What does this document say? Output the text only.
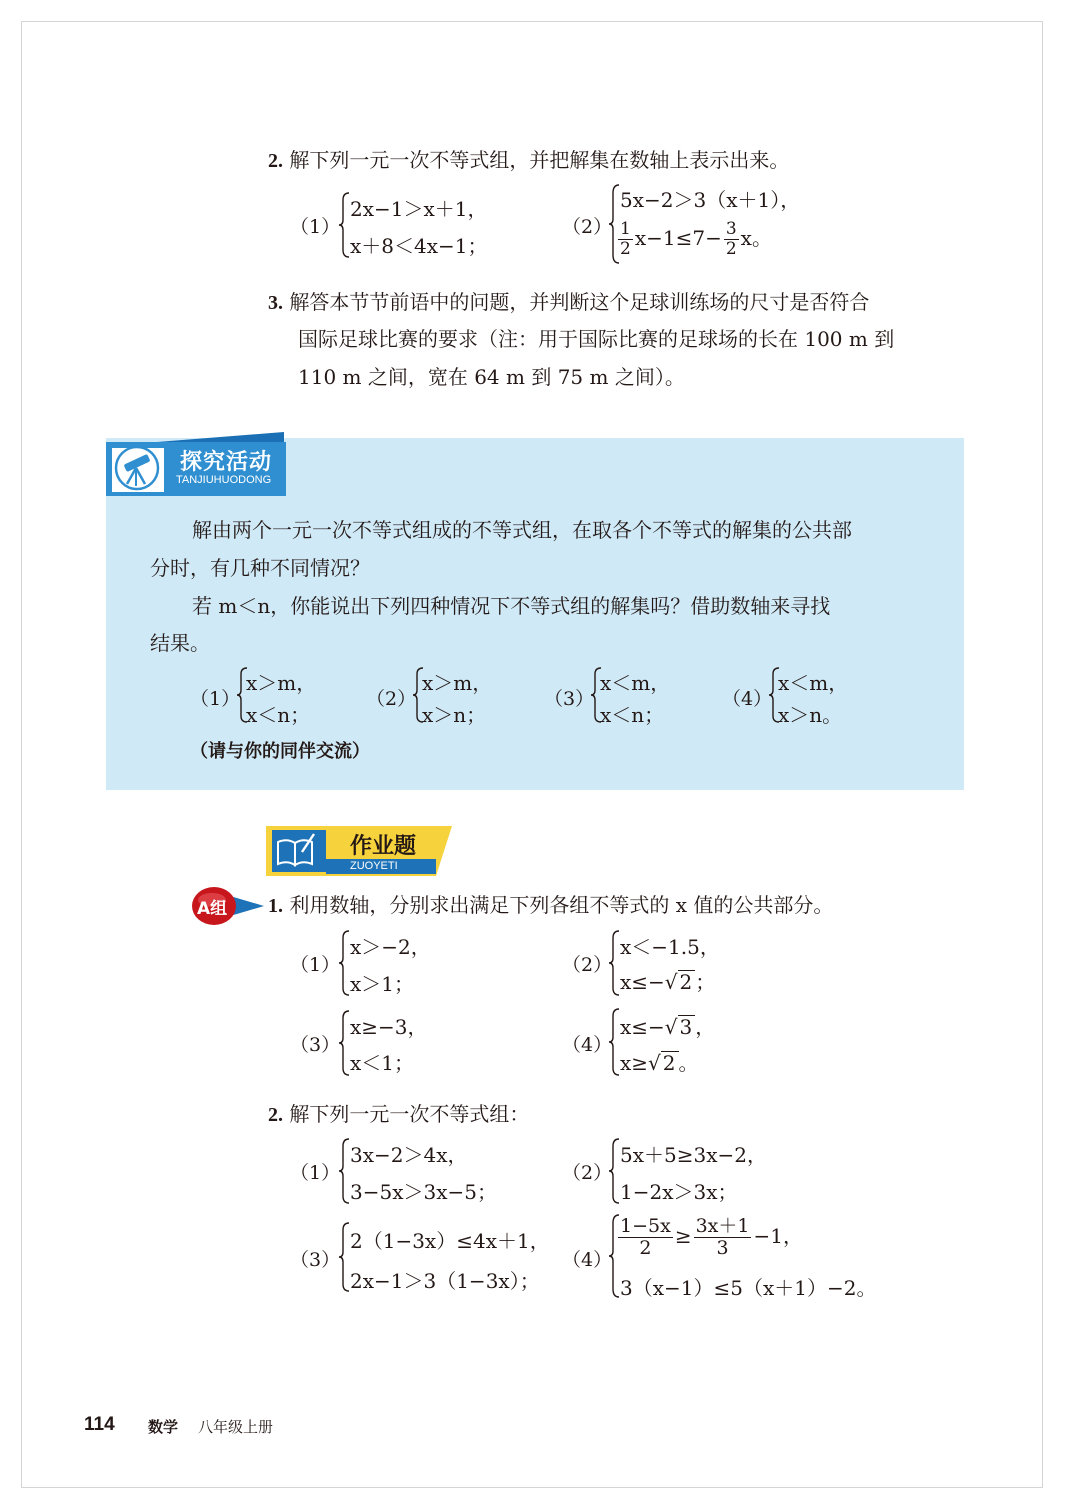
2. 解下列一元一次不等式组，并把解集在数轴上表示出来。
（1）
2x−1＞x＋1，
x＋8＜4x−1；
（2）
5x−2＞3（x＋1），
$\frac{1}{2} x-1\le 7- \frac{3}{2}$ x。
3. 解答本节节前语中的问题，并判断这个足球训练场的尺寸是否符合
国际足球比赛的要求（注：用于国际比赛的足球场的长在 100 m 到
110 m 之间，宽在 64 m 到 75 m 之间）。
探究活动
TANJIUHUODONG
解由两个一元一次不等式组成的不等式组，在取各个不等式的解集的公共部
分时，有几种不同情况？
若 m＜n，你能说出下列四种情况下不等式组的解集吗？借助数轴来寻找
结果。
（1）
x＞m，
x＜n；
（2）
x＞m，
x＞n；
（3）
x＜m，
x＜n；
（4）
x＜m，
x＞n。
（请与你的同伴交流）
作业题
ZUOYETI
A组 1. 利用数轴，分别求出满足下列各组不等式的 x 值的公共部分。
（1）
x＞−2，
x＞1；
（2）
x＜−1.5，
x≤−√ 2 ；
（3）
x≥−3，
x＜1；
（4）
x≤−√ 3 ，
x≥√ 2 。
2. 解下列一元一次不等式组：
（1）
3x−2＞4x，
3−5x＞3x−5；
（2）
5x＋5≥3x−2，
1−2x＞3x；
（3）
2（1−3x）≤4x＋1，
2x−1＞3（1−3x）；
（4）
$\frac{1-5x}{2} \ge \frac{3x+1}{3} -1$，
3（x−1）≤5（x＋1）−2。
114 数学 八年级上册
